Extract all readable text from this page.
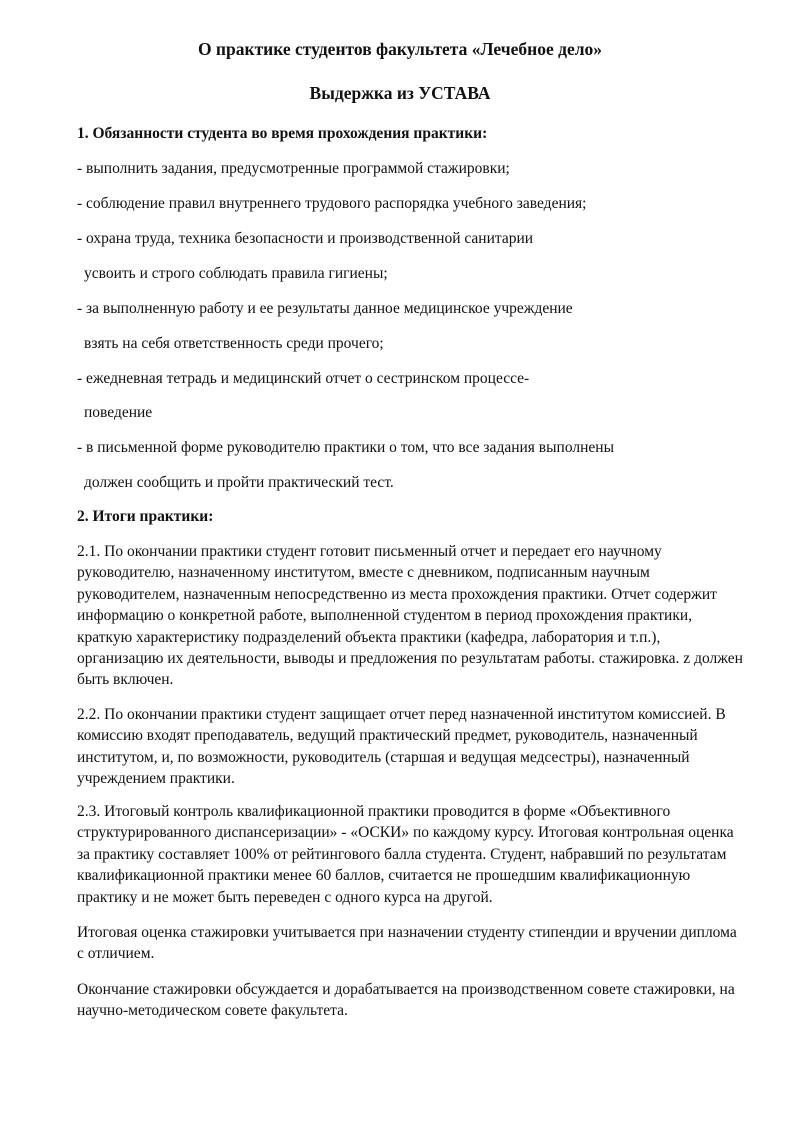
О практике студентов факультета «Лечебное дело»

Выдержка из УСТАВА

1. Обязанности студента во время прохождения практики:

- выполнить задания, предусмотренные программой стажировки;

- соблюдение правил внутреннего трудового распорядка учебного заведения;

- охрана труда, техника безопасности и производственной санитарии

усвоить и строго соблюдать правила гигиены;

- за выполненную работу и ее результаты данное медицинское учреждение

взять на себя ответственность среди прочего;

- ежедневная тетрадь и медицинский отчет о сестринском процессе-

поведение

- в письменной форме руководителю практики о том, что все задания выполнены

должен сообщить и пройти практический тест.

2. Итоги практики:

2.1. По окончании практики студент готовит письменный отчет и передает его научному руководителю, назначенному институтом, вместе с дневником, подписанным научным руководителем, назначенным непосредственно из места прохождения практики. Отчет содержит информацию о конкретной работе, выполненной студентом в период прохождения практики, краткую характеристику подразделений объекта практики (кафедра, лаборатория и т.п.), организацию их деятельности, выводы и предложения по результатам работы. стажировка. z должен быть включен.

2.2. По окончании практики студент защищает отчет перед назначенной институтом комиссией. В комиссию входят преподаватель, ведущий практический предмет, руководитель, назначенный институтом, и, по возможности, руководитель (старшая и ведущая медсестры), назначенный учреждением практики.

2.3. Итоговый контроль квалификационной практики проводится в форме «Объективного структурированного диспансеризации» - «ОСКИ» по каждому курсу. Итоговая контрольная оценка за практику составляет 100% от рейтингового балла студента. Студент, набравший по результатам квалификационной практики менее 60 баллов, считается не прошедшим квалификационную практику и не может быть переведен с одного курса на другой.

Итоговая оценка стажировки учитывается при назначении студенту стипендии и вручении диплома с отличием.

Окончание стажировки обсуждается и дорабатывается на производственном совете стажировки, на научно-методическом совете факультета.
